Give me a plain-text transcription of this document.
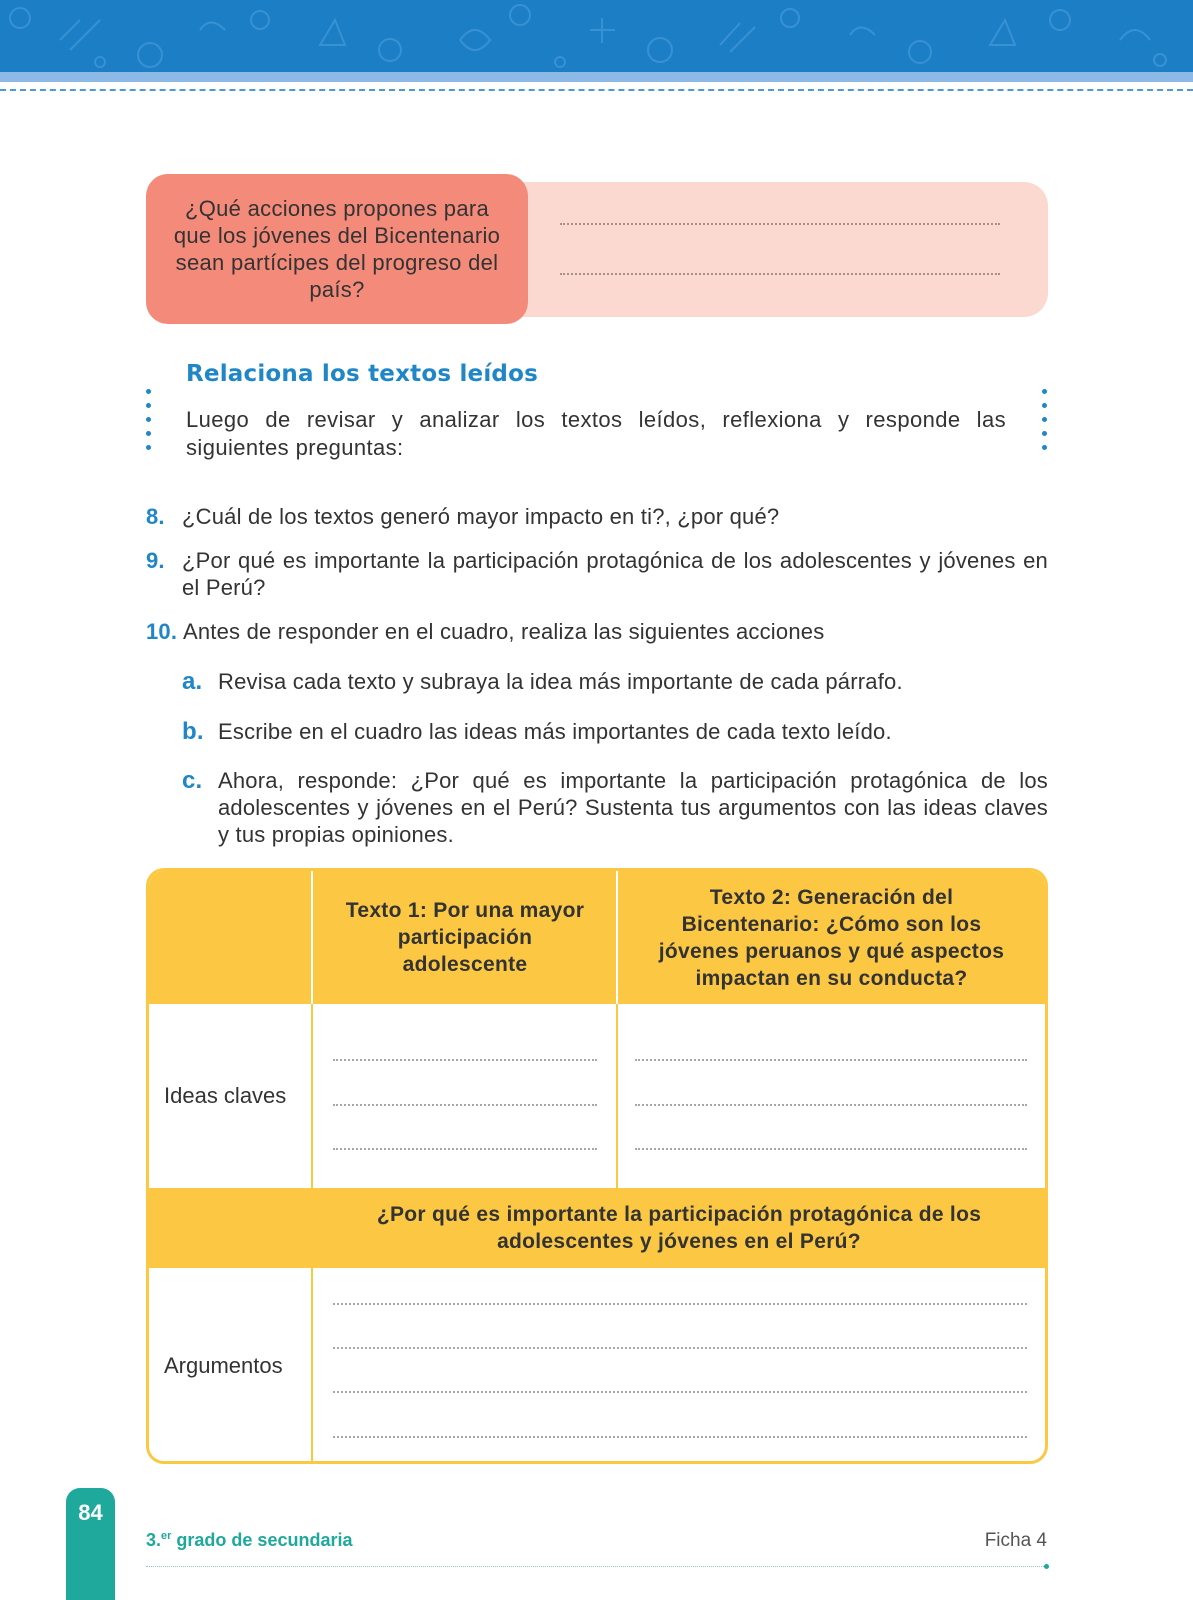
¿Qué acciones propones para que los jóvenes del Bicentenario sean partícipes del progreso del país?
Relaciona los textos leídos
Luego de revisar y analizar los textos leídos, reflexiona y responde las siguientes preguntas:
8. ¿Cuál de los textos generó mayor impacto en ti?, ¿por qué?
9. ¿Por qué es importante la participación protagónica de los adolescentes y jóvenes en el Perú?
10. Antes de responder en el cuadro, realiza las siguientes acciones
a. Revisa cada texto y subraya la idea más importante de cada párrafo.
b. Escribe en el cuadro las ideas más importantes de cada texto leído.
c. Ahora, responde: ¿Por qué es importante la participación protagónica de los adolescentes y jóvenes en el Perú? Sustenta tus argumentos con las ideas claves y tus propias opiniones.
Texto 1: Por una mayor participación adolescente
Texto 2: Generación del Bicentenario: ¿Cómo son los jóvenes peruanos y qué aspectos impactan en su conducta?
Ideas claves
¿Por qué es importante la participación protagónica de los adolescentes y jóvenes en el Perú?
Argumentos
84
3.$^{er}$ grado de secundaria	Ficha 4
